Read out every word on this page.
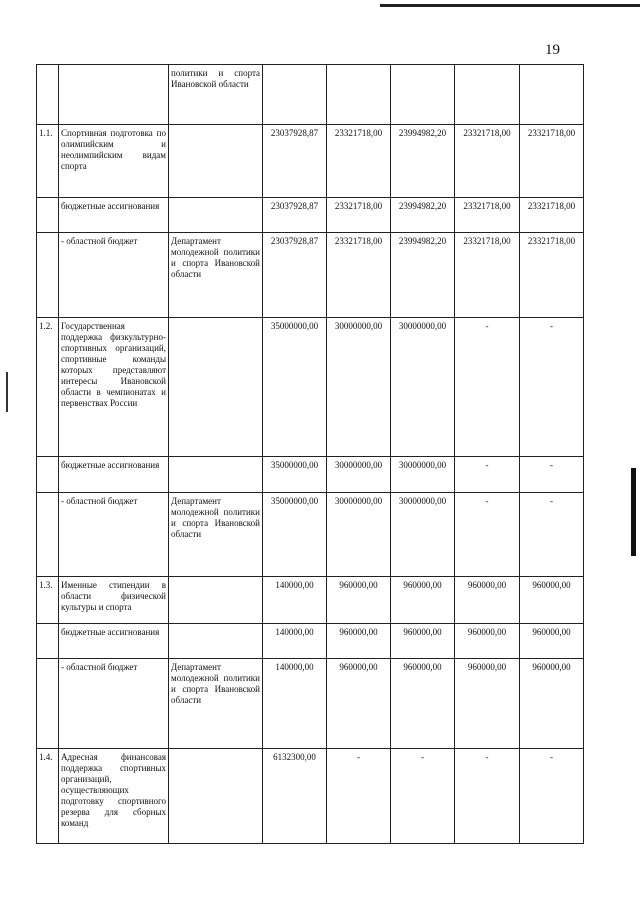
19
		политики и спорта Ивановской области					
1.1.	Спортивная подготовка по олимпийским и неолимпийским видам спорта		23037928,87	23321718,00	23994982,20	23321718,00	23321718,00
	бюджетные ассигнования		23037928,87	23321718,00	23994982,20	23321718,00	23321718,00
	- областной бюджет	Департамент молодежной политики и спорта Ивановской области	23037928,87	23321718,00	23994982,20	23321718,00	23321718,00
1.2.	Государственная поддержка физкультурно-спортивных организаций, спортивные команды которых представляют интересы Ивановской области в чемпионатах и первенствах России		35000000,00	30000000,00	30000000,00	-	-
	бюджетные ассигнования		35000000,00	30000000,00	30000000,00	-	-
	- областной бюджет	Департамент молодежной политики и спорта Ивановской области	35000000,00	30000000,00	30000000,00	-	-
1.3.	Именные стипендии в области физической культуры и спорта		140000,00	960000,00	960000,00	960000,00	960000,00
	бюджетные ассигнования		140000,00	960000,00	960000,00	960000,00	960000,00
	- областной бюджет	Департамент молодежной политики и спорта Ивановской области	140000,00	960000,00	960000,00	960000,00	960000,00
1.4.	Адресная финансовая поддержка спортивных организаций, осуществляющих подготовку спортивного резерва для сборных команд		6132300,00	-	-	-	-
